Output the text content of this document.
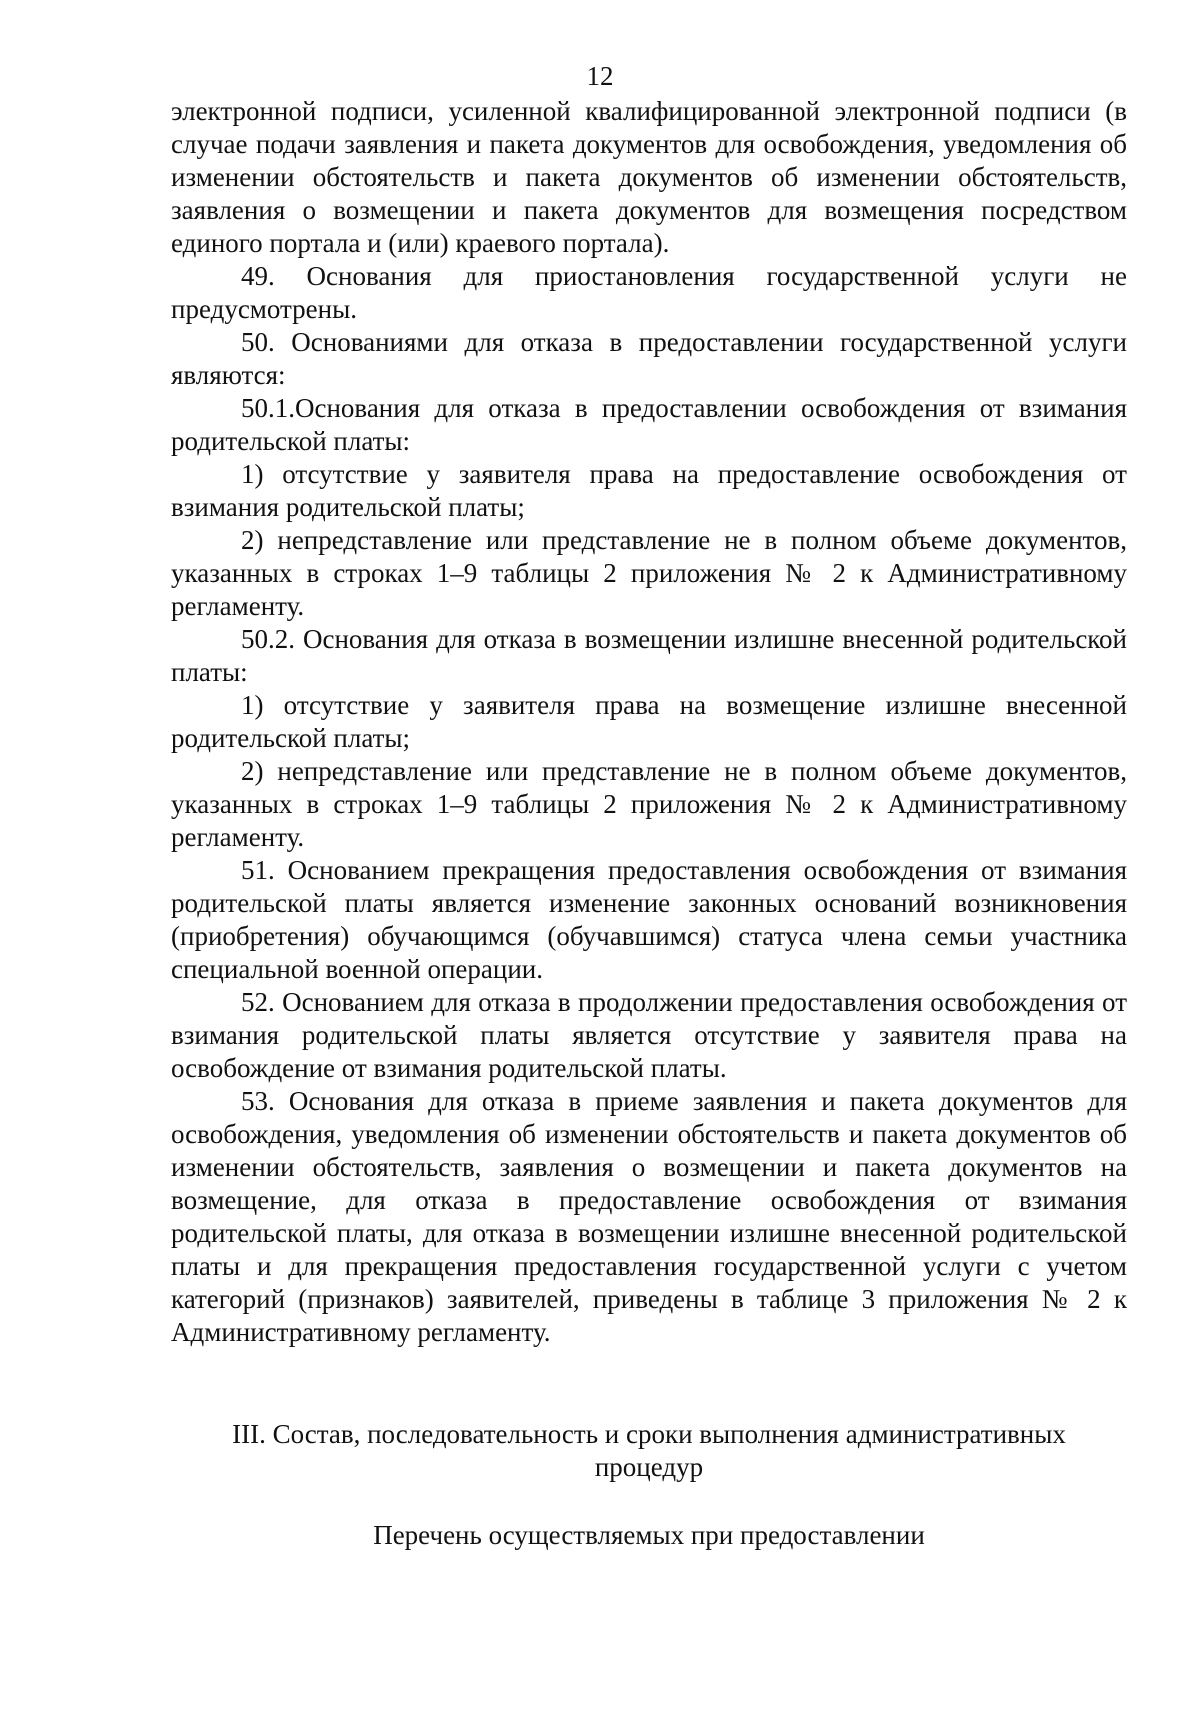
12

электронной подписи, усиленной квалифицированной электронной подписи (в случае подачи заявления и пакета документов для освобождения, уведомления об изменении обстоятельств и пакета документов об изменении обстоятельств, заявления о возмещении и пакета документов для возмещения посредством единого портала и (или) краевого портала).

49. Основания для приостановления государственной услуги не предусмотрены.

50. Основаниями для отказа в предоставлении государственной услуги являются:

50.1.Основания для отказа в предоставлении освобождения от взимания родительской платы:

1) отсутствие у заявителя права на предоставление освобождения от взимания родительской платы;

2) непредставление или представление не в полном объеме документов, указанных в строках 1–9 таблицы 2 приложения № 2 к Административному регламенту.

50.2. Основания для отказа в возмещении излишне внесенной родительской платы:

1) отсутствие у заявителя права на возмещение излишне внесенной родительской платы;

2) непредставление или представление не в полном объеме документов, указанных в строках 1–9 таблицы 2 приложения № 2 к Административному регламенту.

51. Основанием прекращения предоставления освобождения от взимания родительской платы является изменение законных оснований возникновения (приобретения) обучающимся (обучавшимся) статуса члена семьи участника специальной военной операции.

52. Основанием для отказа в продолжении предоставления освобождения от взимания родительской платы является отсутствие у заявителя права на освобождение от взимания родительской платы.

53. Основания для отказа в приеме заявления и пакета документов для освобождения, уведомления об изменении обстоятельств и пакета документов об изменении обстоятельств, заявления о возмещении и пакета документов на возмещение, для отказа в предоставление освобождения от взимания родительской платы, для отказа в возмещении излишне внесенной родительской платы и для прекращения предоставления государственной услуги с учетом категорий (признаков) заявителей, приведены в таблице 3 приложения № 2 к Административному регламенту.

III. Состав, последовательность и сроки выполнения административных

процедур

Перечень осуществляемых при предоставлении
